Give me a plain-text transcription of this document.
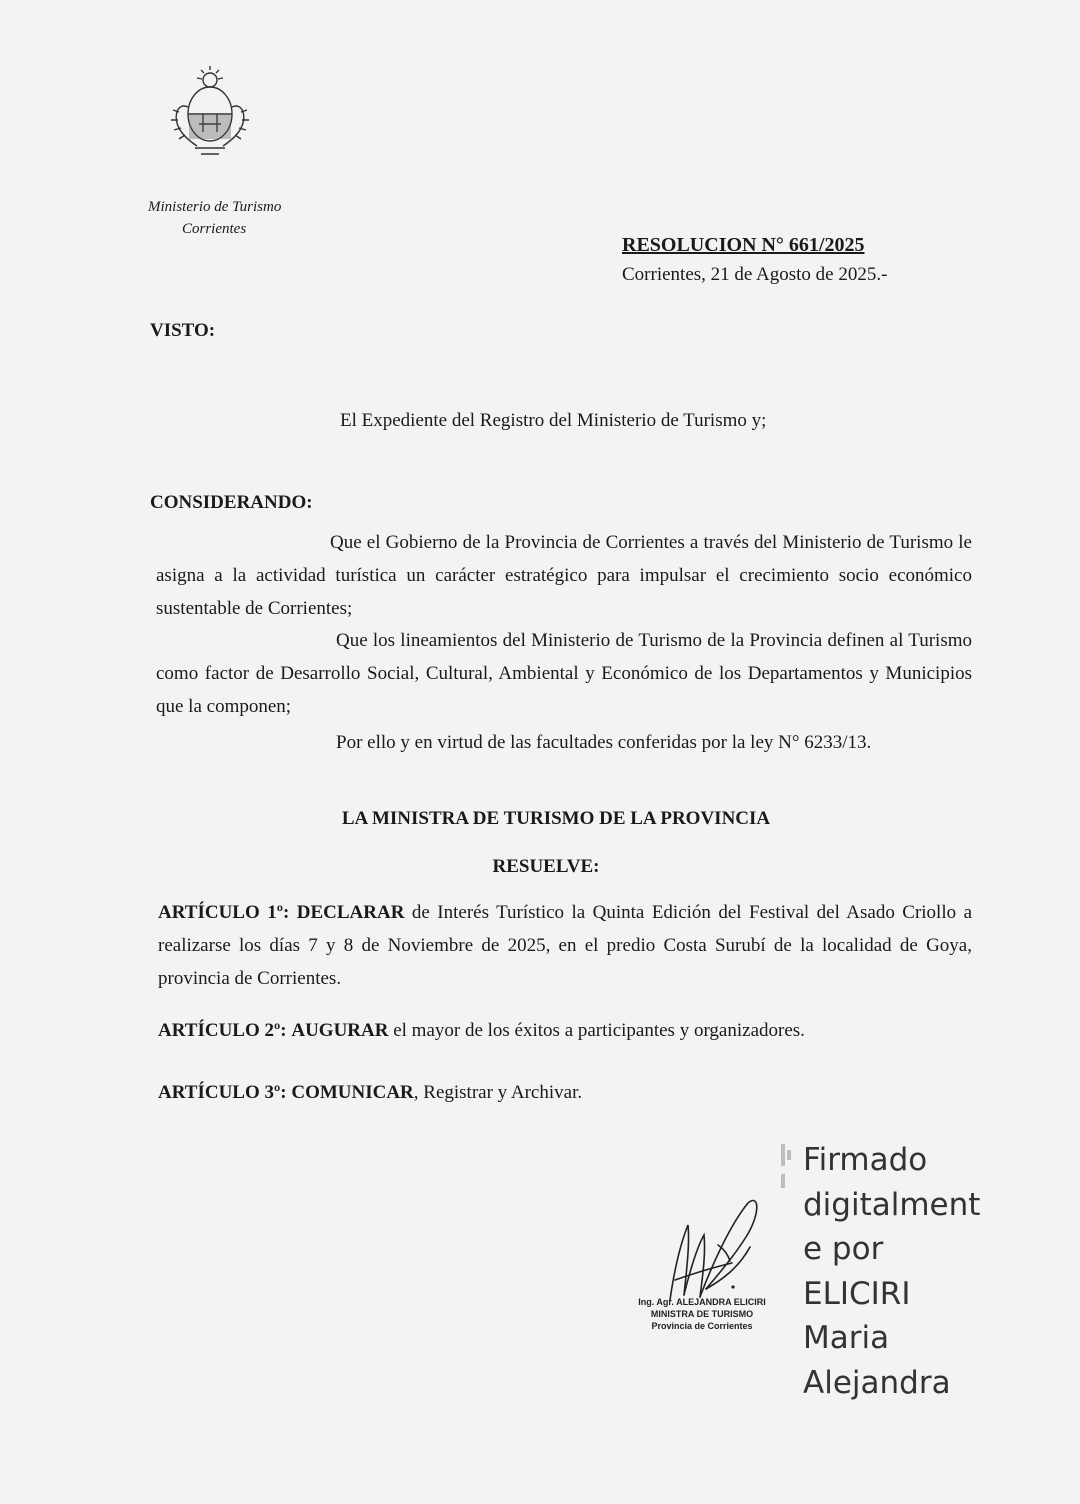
Ministerio de Turismo
Corrientes
RESOLUCION N° 661/2025
Corrientes, 21 de Agosto de 2025.-
VISTO:
El Expediente del Registro del Ministerio de Turismo y;
CONSIDERANDO:
Que el Gobierno de la Provincia de Corrientes a través del Ministerio de Turismo le asigna a la actividad turística un carácter estratégico para impulsar el crecimiento socio económico sustentable de Corrientes;
Que los lineamientos del Ministerio de Turismo de la Provincia definen al Turismo como factor de Desarrollo Social, Cultural, Ambiental y Económico de los Departamentos y Municipios que la componen;
Por ello y en virtud de las facultades conferidas por la ley N° 6233/13.
LA MINISTRA DE TURISMO DE LA PROVINCIA
RESUELVE:
ARTÍCULO 1º: DECLARAR de Interés Turístico la Quinta Edición del Festival del Asado Criollo a realizarse los días 7 y 8 de Noviembre de 2025, en el predio Costa Surubí de la localidad de Goya, provincia de Corrientes.
ARTÍCULO 2º: AUGURAR el mayor de los éxitos a participantes y organizadores.
ARTÍCULO 3º: COMUNICAR, Registrar y Archivar.
Ing. Agr. ALEJANDRA ELICIRI
MINISTRA DE TURISMO
Provincia de Corrientes
Firmado
digitalment
e por
ELICIRI
Maria
Alejandra
